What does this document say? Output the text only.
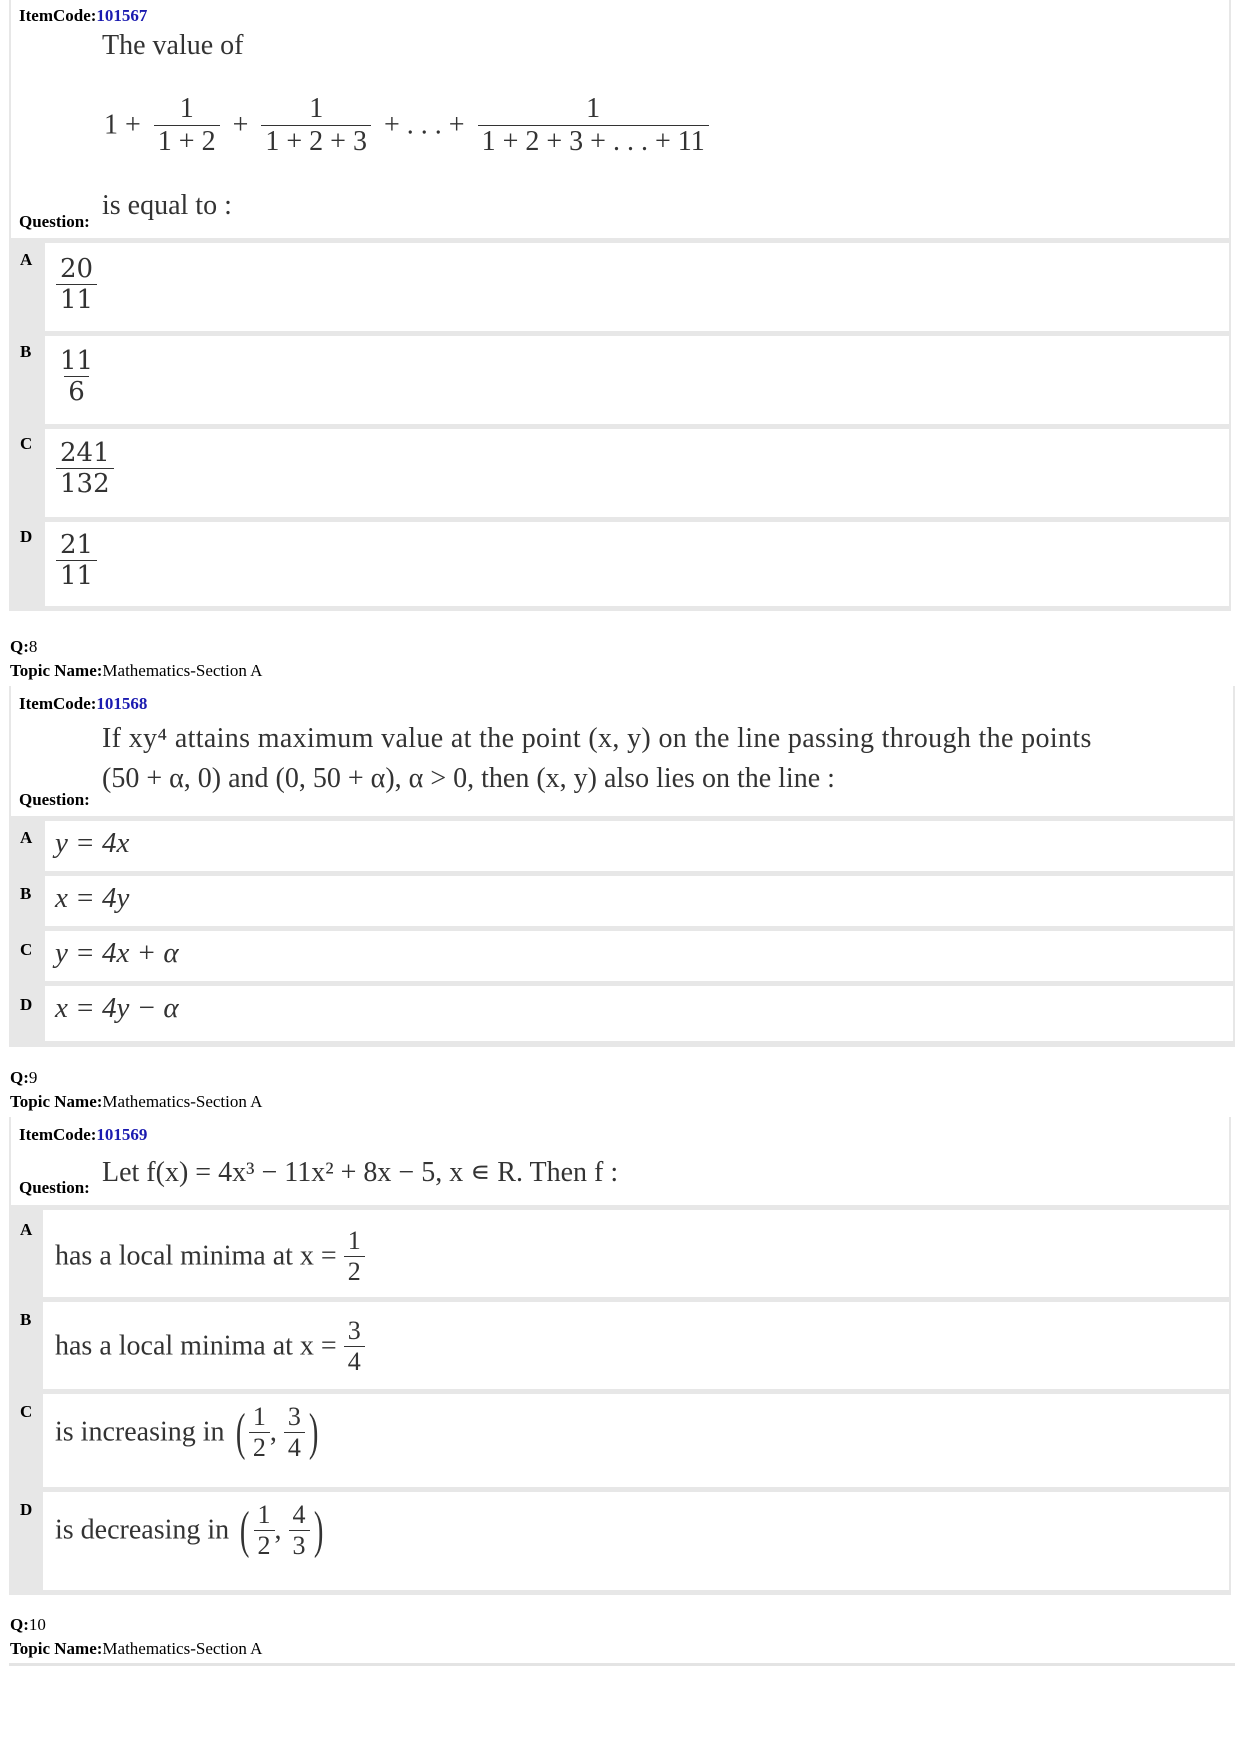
ItemCode:101567
The value of
$1 + \frac{1}{1 + 2} + \frac{1}{1 + 2 + 3}$ + . . . + $\frac{1}{1 + 2 + 3 + . . . + 11}$
is equal to :
Question:
A
B
C
D
$\frac{20}{11}$
$\frac{11}{6}$
$\frac{241}{132}$
$\frac{21}{11}$
Q:8
Topic Name:Mathematics-Section A
ItemCode:101568
If xy⁴ attains maximum value at the point (x, y) on the line passing through the points
(50 + α, 0) and (0, 50 + α), α > 0, then (x, y) also lies on the line :
Question:
A
B
C
D
y = 4x
x = 4y
y = 4x + α
x = 4y − α
Q:9
Topic Name:Mathematics-Section A
ItemCode:101569
Let f(x) = 4x³ − 11x² + 8x − 5, x ∊ R. Then f :
Question:
A
B
C
D
has a local minima at $x = \frac{1}{2}$
has a local minima at $x = \frac{3}{4}$
is increasing in ( $\frac{1}{2}$ , $\frac{3}{4}$ )
is decreasing in ( $\frac{1}{2}$ , $\frac{4}{3}$ )
Q:10
Topic Name:Mathematics-Section A
